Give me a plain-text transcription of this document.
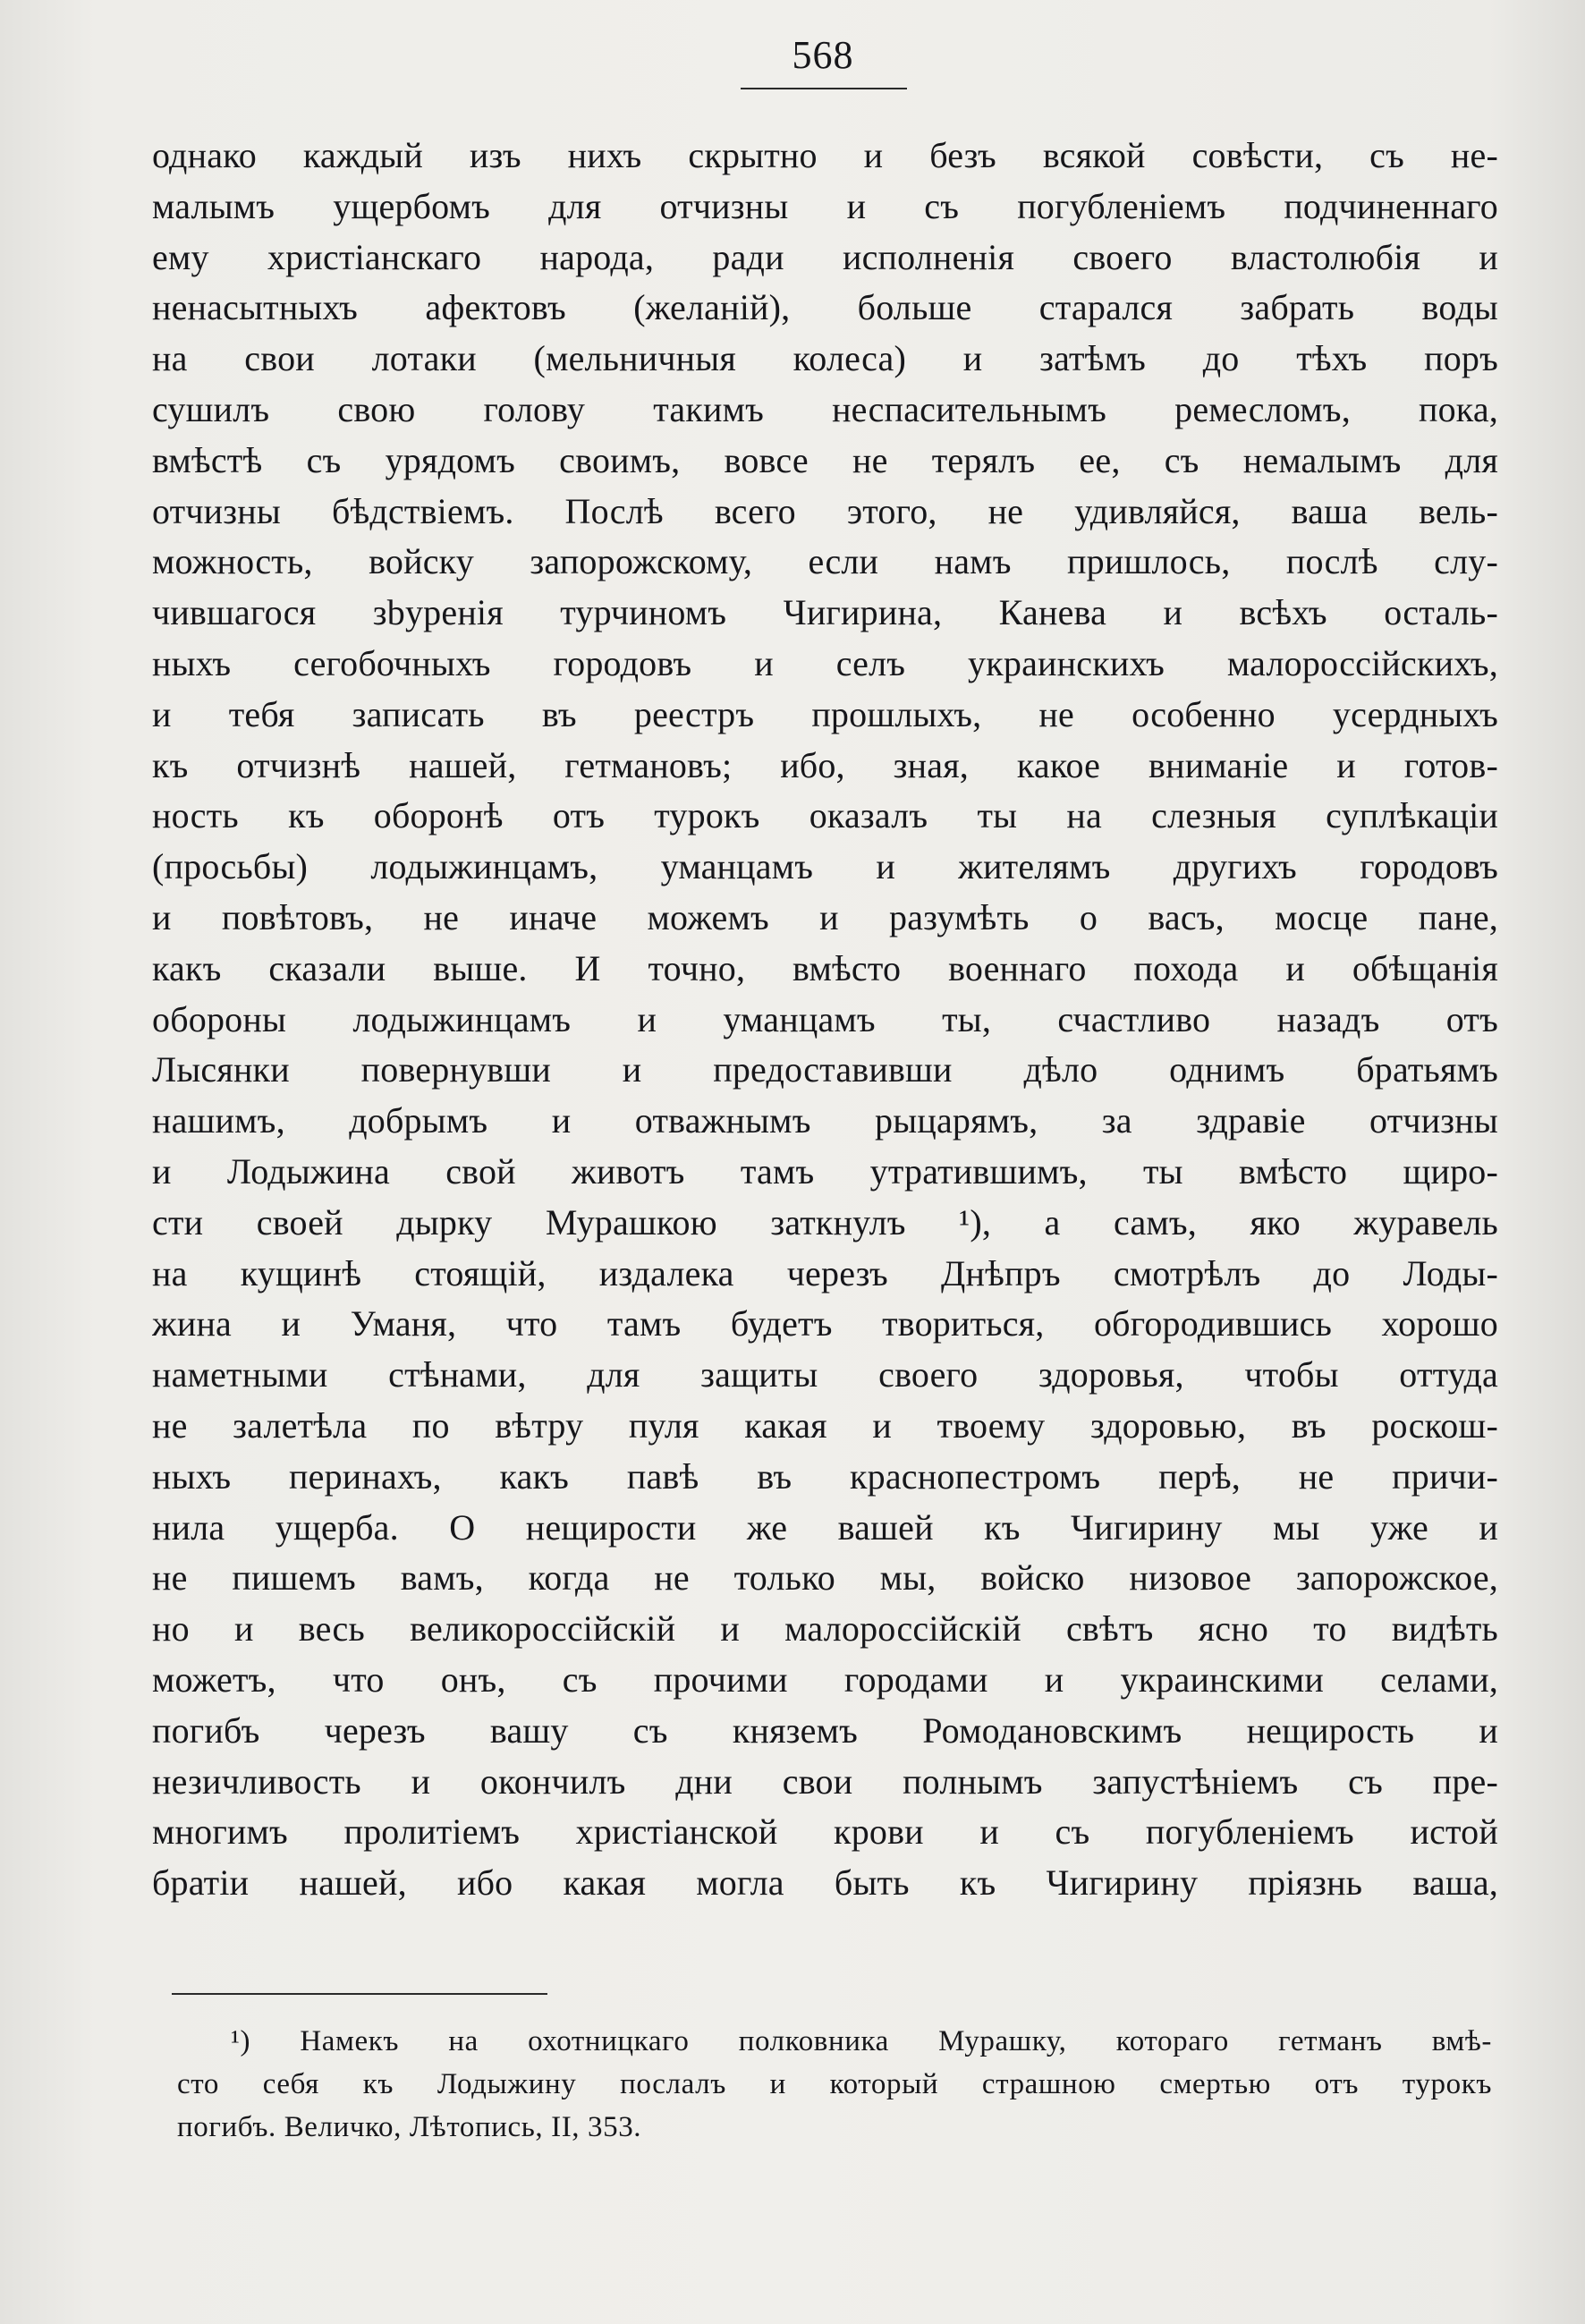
568
однако каждый изъ нихъ скрытно и безъ всякой совѣсти, съ не-
малымъ ущербомъ для отчизны и съ погубленіемъ подчиненнаго
ему христіанскаго народа, ради исполненія своего властолюбія и
ненасытныхъ афектовъ (желаній), больше старался забрать воды
на свои лотаки (мельничныя колеса) и затѣмъ до тѣхъ поръ
сушилъ свою голову такимъ неспасительнымъ ремесломъ, пока,
вмѣстѣ съ урядомъ своимъ, вовсе не терялъ ее, съ немалымъ для
отчизны бѣдствіемъ. Послѣ всего этого, не удивляйся, ваша вель-
можность, войску запорожскому, если намъ пришлось, послѣ слу-
чившагося зbуренія турчиномъ Чигирина, Канева и всѣхъ осталь-
ныхъ сегобочныхъ городовъ и селъ украинскихъ малороссійскихъ,
и тебя записать въ реестръ прошлыхъ, не особенно усердныхъ
къ отчизнѣ нашей, гетмановъ; ибо, зная, какое вниманіе и готов-
ность къ оборонѣ отъ турокъ оказалъ ты на слезныя суплѣкаціи
(просьбы) лодыжинцамъ, уманцамъ и жителямъ другихъ городовъ
и повѣтовъ, не иначе можемъ и разумѣть о васъ, мосце пане,
какъ сказали выше. И точно, вмѣсто военнаго похода и обѣщанія
обороны лодыжинцамъ и уманцамъ ты, счастливо назадъ отъ
Лысянки повернувши и предоставивши дѣло однимъ братьямъ
нашимъ, добрымъ и отважнымъ рыцарямъ, за здравіе отчизны
и Лодыжина свой животъ тамъ утратившимъ, ты вмѣсто щиро-
сти своей дырку Мурашкою заткнулъ ¹), а самъ, яко журавель
на кущинѣ стоящій, издалека черезъ Днѣпръ смотрѣлъ до Лоды-
жина и Уманя, что тамъ будетъ твориться, обгородившись хорошо
наметными стѣнами, для защиты своего здоровья, чтобы оттуда
не залетѣла по вѣтру пуля какая и твоему здоровью, въ роскош-
ныхъ перинахъ, какъ павѣ въ краснопестромъ перѣ, не причи-
нила ущерба. О нещирости же вашей къ Чигирину мы уже и
не пишемъ вамъ, когда не только мы, войско низовое запорожское,
но и весь великороссійскій и малороссійскій свѣтъ ясно то видѣть
можетъ, что онъ, съ прочими городами и украинскими селами,
погибъ черезъ вашу съ княземъ Ромодановскимъ нещирость и
незичливость и окончилъ дни свои полнымъ запустѣніемъ съ пре-
многимъ пролитіемъ христіанской крови и съ погубленіемъ истой
братіи нашей, ибо какая могла быть къ Чигирину пріязнь ваша,
¹) Намекъ на охотницкаго полковника Мурашку, котораго гетманъ вмѣ-
сто себя къ Лодыжину послалъ и который страшною смертью отъ турокъ
погибъ. Величко, Лѣтопись, II, 353.
